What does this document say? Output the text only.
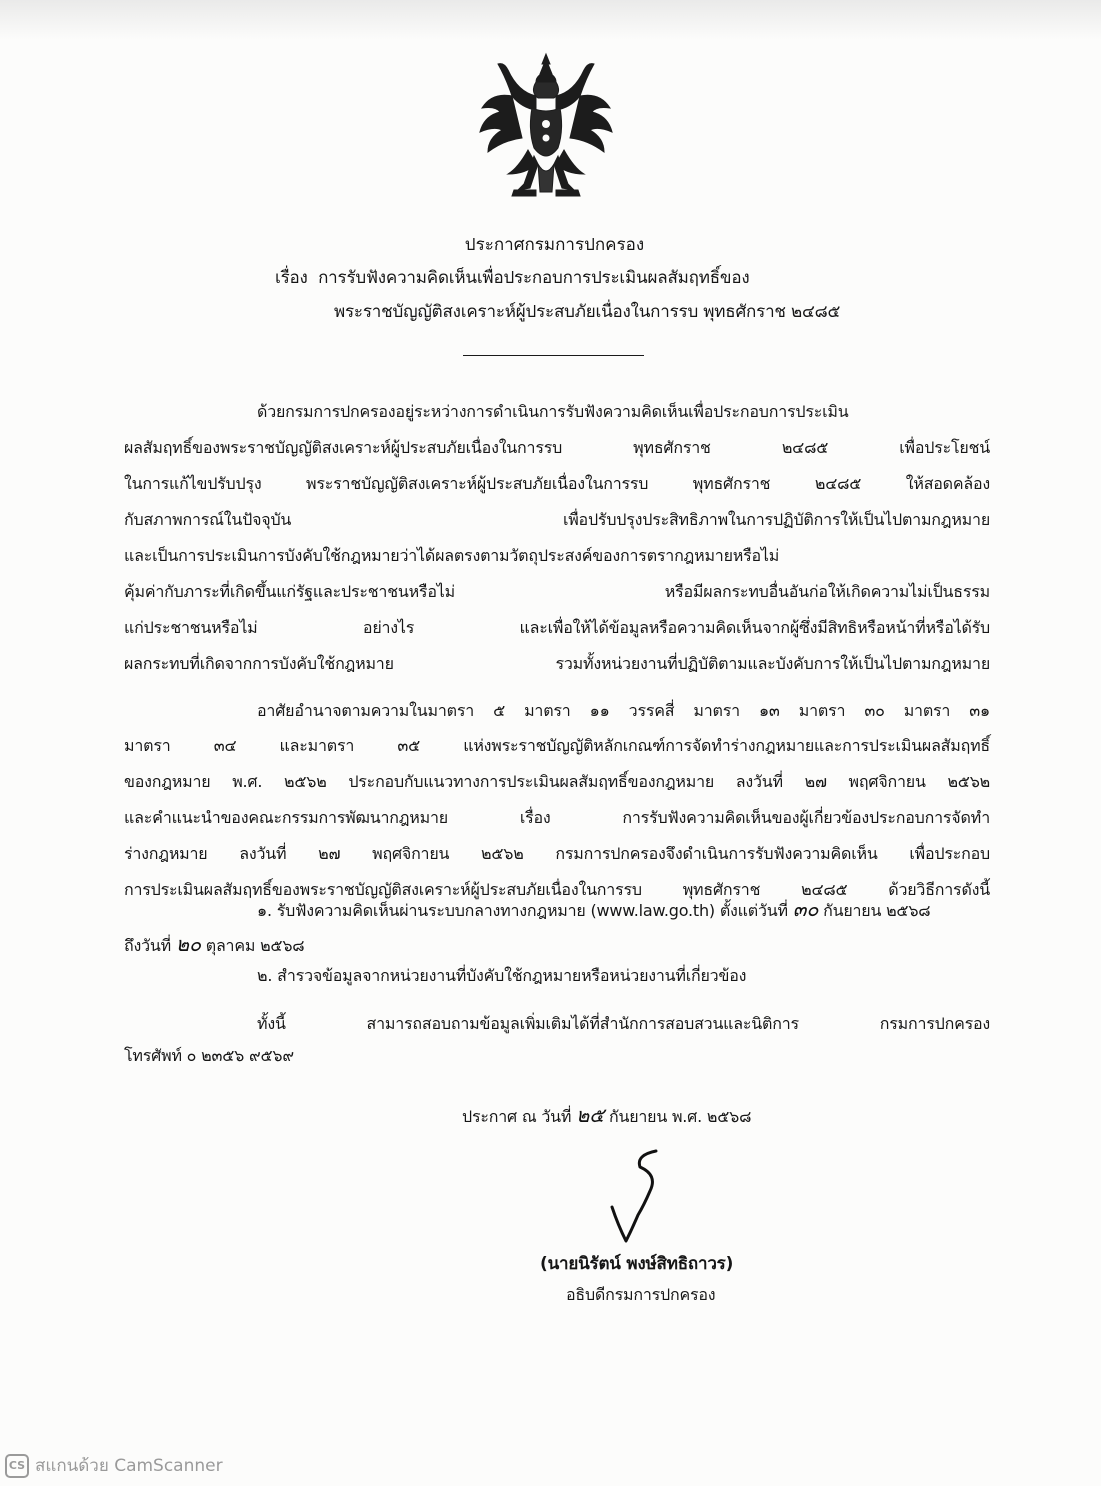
ประกาศกรมการปกครอง
เรื่อง การรับฟังความคิดเห็นเพื่อประกอบการประเมินผลสัมฤทธิ์ของ
พระราชบัญญัติสงเคราะห์ผู้ประสบภัยเนื่องในการรบ พุทธศักราช ๒๔๘๕
ด้วยกรมการปกครองอยู่ระหว่างการดำเนินการรับฟังความคิดเห็นเพื่อประกอบการประเมิน
ผลสัมฤทธิ์ของพระราชบัญญัติสงเคราะห์ผู้ประสบภัยเนื่องในการรบ พุทธศักราช ๒๔๘๕ เพื่อประโยชน์
ในการแก้ไขปรับปรุง พระราชบัญญัติสงเคราะห์ผู้ประสบภัยเนื่องในการรบ พุทธศักราช ๒๔๘๕ ให้สอดคล้อง
กับสภาพการณ์ในปัจจุบัน เพื่อปรับปรุงประสิทธิภาพในการปฏิบัติการให้เป็นไปตามกฎหมาย
และเป็นการประเมินการบังคับใช้กฎหมายว่าได้ผลตรงตามวัตถุประสงค์ของการตรากฎหมายหรือไม่
คุ้มค่ากับภาระที่เกิดขึ้นแก่รัฐและประชาชนหรือไม่ หรือมีผลกระทบอื่นอันก่อให้เกิดความไม่เป็นธรรม
แก่ประชาชนหรือไม่ อย่างไร และเพื่อให้ได้ข้อมูลหรือความคิดเห็นจากผู้ซึ่งมีสิทธิหรือหน้าที่หรือได้รับ
ผลกระทบที่เกิดจากการบังคับใช้กฎหมาย รวมทั้งหน่วยงานที่ปฏิบัติตามและบังคับการให้เป็นไปตามกฎหมาย
อาศัยอำนาจตามความในมาตรา ๕ มาตรา ๑๑ วรรคสี่ มาตรา ๑๓ มาตรา ๓๐ มาตรา ๓๑
มาตรา ๓๔ และมาตรา ๓๕ แห่งพระราชบัญญัติหลักเกณฑ์การจัดทำร่างกฎหมายและการประเมินผลสัมฤทธิ์
ของกฎหมาย พ.ศ. ๒๕๖๒ ประกอบกับแนวทางการประเมินผลสัมฤทธิ์ของกฎหมาย ลงวันที่ ๒๗ พฤศจิกายน ๒๕๖๒
และคำแนะนำของคณะกรรมการพัฒนากฎหมาย เรื่อง การรับฟังความคิดเห็นของผู้เกี่ยวข้องประกอบการจัดทำ
ร่างกฎหมาย ลงวันที่ ๒๗ พฤศจิกายน ๒๕๖๒ กรมการปกครองจึงดำเนินการรับฟังความคิดเห็น เพื่อประกอบ
การประเมินผลสัมฤทธิ์ของพระราชบัญญัติสงเคราะห์ผู้ประสบภัยเนื่องในการรบ พุทธศักราช ๒๔๘๕ ด้วยวิธีการดังนี้
๑. รับฟังความคิดเห็นผ่านระบบกลางทางกฎหมาย (www.law.go.th) ตั้งแต่วันที่ ๓๐ กันยายน ๒๕๖๘
ถึงวันที่ ๒๐ ตุลาคม ๒๕๖๘
๒. สำรวจข้อมูลจากหน่วยงานที่บังคับใช้กฎหมายหรือหน่วยงานที่เกี่ยวข้อง
ทั้งนี้ สามารถสอบถามข้อมูลเพิ่มเติมได้ที่สำนักการสอบสวนและนิติการ กรมการปกครอง
โทรศัพท์ ๐ ๒๓๕๖ ๙๕๖๙
ประกาศ ณ วันที่ ๒๕ กันยายน พ.ศ. ๒๕๖๘
(นายนิรัตน์ พงษ์สิทธิถาวร)
อธิบดีกรมการปกครอง
CS สแกนด้วย CamScanner
